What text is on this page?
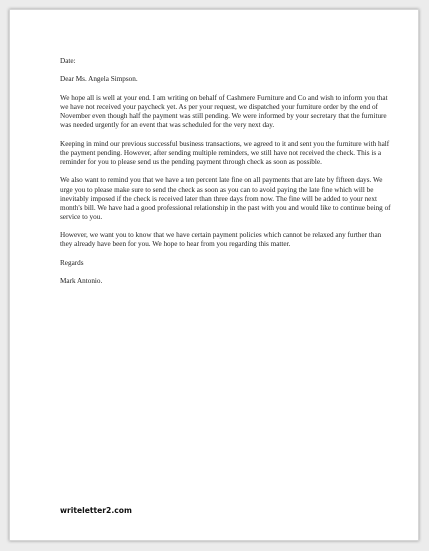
Date:

Dear Ms. Angela Simpson.

We hope all is well at your end. I am writing on behalf of Cashmere Furniture and Co and wish to inform you that we have not received your paycheck yet. As per your request, we dispatched your furniture order by the end of November even though half the payment was still pending. We were informed by your secretary that the furniture was needed urgently for an event that was scheduled for the very next day.

Keeping in mind our previous successful business transactions, we agreed to it and sent you the furniture with half the payment pending. However, after sending multiple reminders, we still have not received the check. This is a reminder for you to please send us the pending payment through check as soon as possible.

We also want to remind you that we have a ten percent late fine on all payments that are late by fifteen days. We urge you to please make sure to send the check as soon as you can to avoid paying the late fine which will be inevitably imposed if the check is received later than three days from now. The fine will be added to your next month's bill. We have had a good professional relationship in the past with you and would like to continue being of service to you.

However, we want you to know that we have certain payment policies which cannot be relaxed any further than they already have been for you. We hope to hear from you regarding this matter.

Regards

Mark Antonio.

writeletter2.com
